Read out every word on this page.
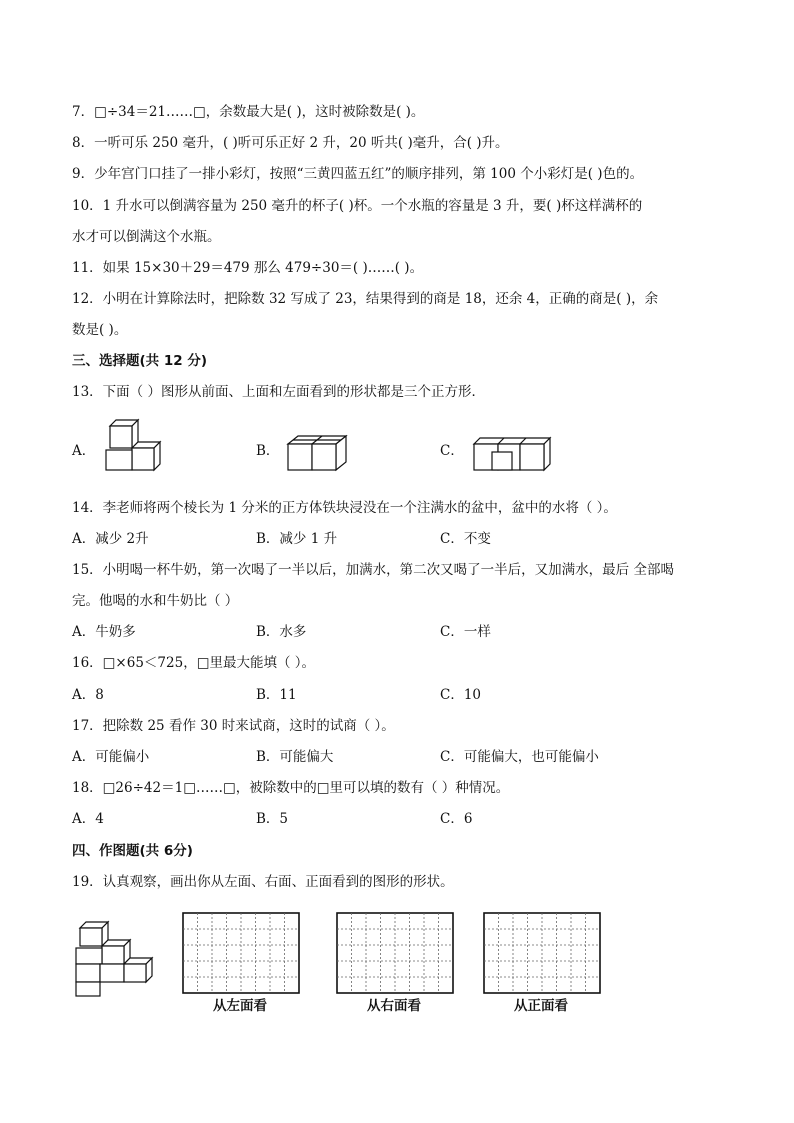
7．□÷34＝21……□，余数最大是( )，这时被除数是( )。
8．一听可乐 250 毫升，( )听可乐正好 2 升，20 听共( )毫升，合( )升。
9．少年宫门口挂了一排小彩灯，按照“三黄四蓝五红”的顺序排列，第 100 个小彩灯是( )色的。
10．1 升水可以倒满容量为 250 毫升的杯子( )杯。一个水瓶的容量是 3 升，要( )杯这样满杯的
水才可以倒满这个水瓶。
11．如果 15×30＋29＝479 那么 479÷30＝( )……( )。
12．小明在计算除法时，把除数 32 写成了 23，结果得到的商是 18，还余 4，正确的商是( )，余
数是( )。
三、选择题(共 12 分)
13．下面（ ）图形从前面、上面和左面看到的形状都是三个正方形．
A．	B．	C．
14．李老师将两个棱长为 1 分米的正方体铁块浸没在一个注满水的盆中，盆中的水将（ ）。
A．减少 2升	B．减少 1 升	C．不变
15．小明喝一杯牛奶，第一次喝了一半以后，加满水，第二次又喝了一半后，又加满水，最后 全部喝
完。他喝的水和牛奶比（ ）
A．牛奶多	B．水多	C．一样
16．□×65＜725，□里最大能填（ ）。
A．8	B．11	C．10
17．把除数 25 看作 30 时来试商，这时的试商（ ）。
A．可能偏小	B．可能偏大	C．可能偏大，也可能偏小
18．□26÷42＝1□……□，被除数中的□里可以填的数有（ ）种情况。
A．4	B．5	C．6
四、作图题(共 6分)
19．认真观察，画出你从左面、右面、正面看到的图形的形状。
从左面看	从右面看	从正面看
